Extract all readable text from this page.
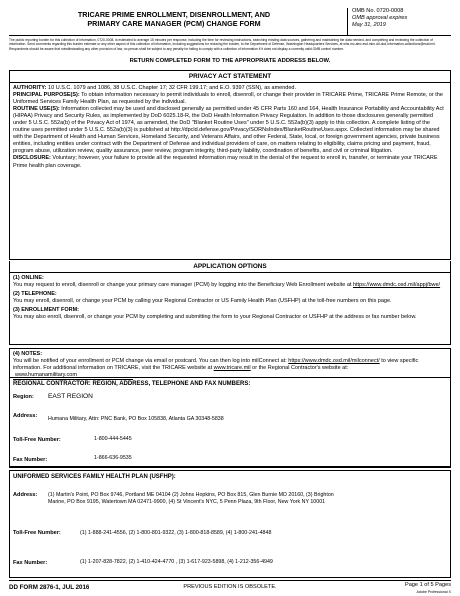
TRICARE PRIME ENROLLMENT, DISENROLLMENT, AND
PRIMARY CARE MANAGER (PCM) CHANGE FORM
OMB No. 0720-0008
OMB approval expires
May 31, 2019
The public reporting burden for this collection of information, 0720-0008, is estimated to average 15 minutes per response, including the time for reviewing instructions, searching existing data sources, gathering and maintaining the data needed, and completing and reviewing the collection of information. Send comments regarding this burden estimate or any other aspect of this collection of information, including suggestions for reducing the burden, to the Department of Defense, Washington Headquarters Services, at whs.mc-alex.esd.mbx.dd-dod-information-collections@mail.mil. Respondents should be aware that notwithstanding any other provision of law, no person shall be subject to any penalty for failing to comply with a collection of information if it does not display a currently valid OMB control number.
RETURN COMPLETED FORM TO THE APPROPRIATE ADDRESS BELOW.
PRIVACY ACT STATEMENT

AUTHORITY: 10 U.S.C. 1079 and 1086, 38 U.S.C. Chapter 17; 32 CFR 199.17; and E.O. 9397 (SSN), as amended.

PRINCIPAL PURPOSE(S): To obtain information necessary to permit individuals to enroll, disenroll, or change their provider in TRICARE Prime, TRICARE Prime Remote, or the Uniformed Services Family Health Plan, as requested by the individual.

ROUTINE USE(S): Information collected may be used and disclosed generally as permitted under 45 CFR Parts 160 and 164, Health Insurance Portability and Accountability Act (HIPAA) Privacy and Security Rules, as implemented by DoD 6025.18-R, the DoD Health Information Privacy Regulation. In addition to those disclosures generally permitted under 5 U.S.C. 552a(b) of the Privacy Act of 1974, as amended, the DoD "Blanket Routine Uses" under 5 U.S.C. 552a(b)(3) apply to this collection. A complete listing of the routine uses permitted under 5 U.S.C. 552a(b)(3) is published at http://dpcld.defense.gov/Privacy/SORNsIndex/BlanketRoutineUses.aspx. Collected information may be shared with the Department of Health and Human Services, Homeland Security, and Veterans Affairs, and other Federal, State, local, or foreign government agencies, private business entities, including entities under contract with the Department of Defense and individual providers of care, on matters relating to eligibility, claims pricing and payment, fraud, program abuse, utilization review, quality assurance, peer review, program integrity, third-party liability, coordination of benefits, and civil or criminal litigation.

DISCLOSURE: Voluntary; however, your failure to provide all the requested information may result in the denial of the request to enroll in, transfer, or terminate your TRICARE Prime health plan coverage.

APPLICATION OPTIONS
(1) ONLINE:
You may request to enroll, disenroll or change your primary care manager (PCM) by logging into the Beneficiary Web Enrollment website at https://www.dmdc.osd.mil/appj/bwe/
(2) TELEPHONE:
You may enroll, disenroll, or change your PCM by calling your Regional Contractor or US Family Health Plan (USFHP) at the toll-free numbers on this page.
(3) ENROLLMENT FORM:
You may also enroll, disenroll, or change your PCM by completing and submitting the form to your Regional Contractor or USFHP at the address or fax number below.
(4) NOTES:
You will be notified of your enrollment or PCM change via email or postcard. You can then log into milConnect at: https://www.dmdc.osd.mil/milconnect/ to view specific information. For additional information on TRICARE, visit the TRICARE website at www.tricare.mil or the Regional Contractor's website at: www.humanamilitary.com
REGIONAL CONTRACTOR: REGION, ADDRESS, TELEPHONE AND FAX NUMBERS:
Region: EAST REGION
Address: Humana Military, Attn: PNC Bank, PO Box 105838, Atlanta GA 30348-5838
Toll-Free Number:	1-800-444-5445
Fax Number:	1-866-636-9535
UNIFORMED SERVICES FAMILY HEALTH PLAN (USFHP):
Address: (1) Martin's Point, PO Box 9746, Portland ME 04104 (2) Johns Hopkins, PO Box 815, Glen Burnie MD 20160, (3) Brighton
Marine, PO Box 9195, Watertown MA 02471-9900, (4) St Vincent's NYC, 5 Penn Plaza, 9th Floor, New York NY 10001
Toll-Free Number:	(1) 1-888-241-4556, (2) 1-800-801-9322, (3) 1-800-818-8589, (4) 1-800-241-4848
Fax Number:	(1) 1-207-828-7822, (2) 1-410-424-4770 , (3) 1-617-923-5898, (4) 1-212-356-4949
DD FORM 2876-1, JUL 2016	PREVIOUS EDITION IS OBSOLETE.	Page 1 of 5 Pages
Adobe Professional X
